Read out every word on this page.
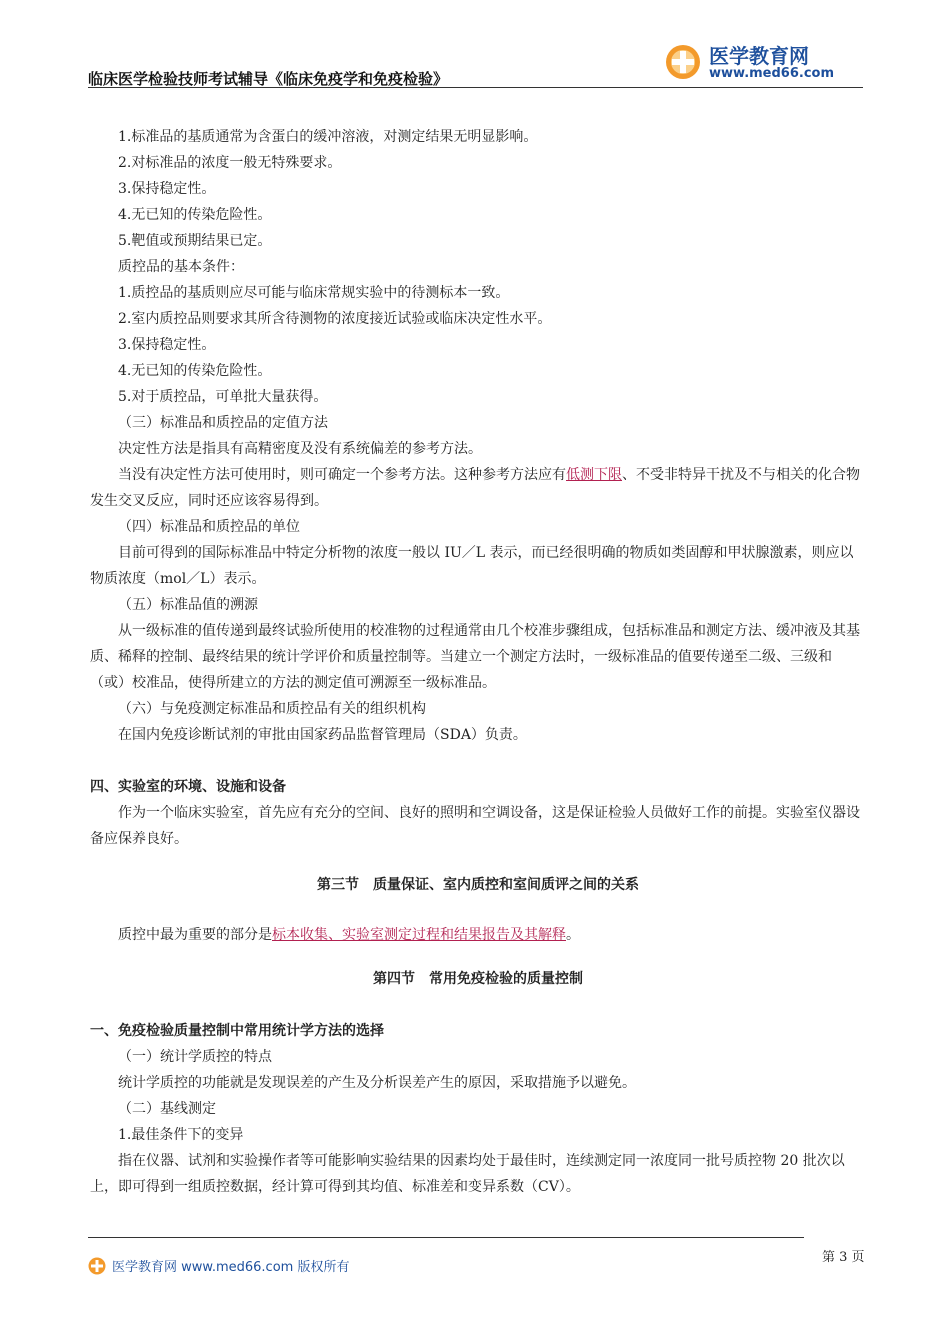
临床医学检验技师考试辅导《临床免疫学和免疫检验》
医学教育网
www.med66.com

1.标准品的基质通常为含蛋白的缓冲溶液，对测定结果无明显影响。

2.对标准品的浓度一般无特殊要求。

3.保持稳定性。

4.无已知的传染危险性。

5.靶值或预期结果已定。

质控品的基本条件：

1.质控品的基质则应尽可能与临床常规实验中的待测标本一致。

2.室内质控品则要求其所含待测物的浓度接近试验或临床决定性水平。

3.保持稳定性。

4.无已知的传染危险性。

5.对于质控品，可单批大量获得。

（三）标准品和质控品的定值方法

决定性方法是指具有高精密度及没有系统偏差的参考方法。

当没有决定性方法可使用时，则可确定一个参考方法。这种参考方法应有低测下限、不受非特异干扰及不与相关的化合物发生交叉反应，同时还应该容易得到。

（四）标准品和质控品的单位

目前可得到的国际标准品中特定分析物的浓度一般以 IU／L 表示，而已经很明确的物质如类固醇和甲状腺激素，则应以物质浓度（mol／L）表示。

（五）标准品值的溯源

从一级标准的值传递到最终试验所使用的校准物的过程通常由几个校准步骤组成，包括标准品和测定方法、缓冲液及其基质、稀释的控制、最终结果的统计学评价和质量控制等。当建立一个测定方法时，一级标准品的值要传递至二级、三级和（或）校准品，使得所建立的方法的测定值可溯源至一级标准品。

（六）与免疫测定标准品和质控品有关的组织机构

在国内免疫诊断试剂的审批由国家药品监督管理局（SDA）负责。

四、实验室的环境、设施和设备

作为一个临床实验室，首先应有充分的空间、良好的照明和空调设备，这是保证检验人员做好工作的前提。实验室仪器设备应保养良好。

第三节　质量保证、室内质控和室间质评之间的关系

质控中最为重要的部分是标本收集、实验室测定过程和结果报告及其解释。

第四节　常用免疫检验的质量控制

一、免疫检验质量控制中常用统计学方法的选择

（一）统计学质控的特点

统计学质控的功能就是发现误差的产生及分析误差产生的原因，采取措施予以避免。

（二）基线测定

1.最佳条件下的变异

指在仪器、试剂和实验操作者等可能影响实验结果的因素均处于最佳时，连续测定同一浓度同一批号质控物 20 批次以上，即可得到一组质控数据，经计算可得到其均值、标准差和变异系数（CV）。

医学教育网 www.med66.com 版权所有
第 3 页
